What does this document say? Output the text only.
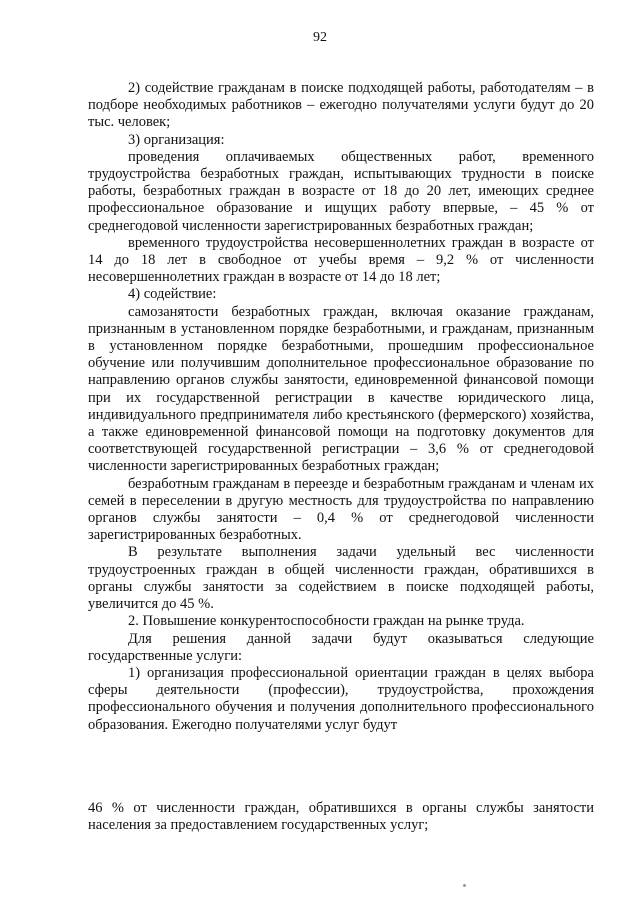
92

2) содействие гражданам в поиске подходящей работы, работодателям – в подборе необходимых работников – ежегодно получателями услуги будут до 20 тыс. человек;

3) организация:

проведения оплачиваемых общественных работ, временного трудоустройства безработных граждан, испытывающих трудности в поиске работы, безработных граждан в возрасте от 18 до 20 лет, имеющих среднее профессиональное образование и ищущих работу впервые, – 45 % от среднегодовой численности зарегистрированных безработных граждан;

временного трудоустройства несовершеннолетних граждан в возрасте от 14 до 18 лет в свободное от учебы время – 9,2 % от численности несовершеннолетних граждан в возрасте от 14 до 18 лет;

4) содействие:

самозанятости безработных граждан, включая оказание гражданам, признанным в установленном порядке безработными, и гражданам, признанным в установленном порядке безработными, прошедшим профессиональное обучение или получившим дополнительное профессиональное образование по направлению органов службы занятости, единовременной финансовой помощи при их государственной регистрации в качестве юридического лица, индивидуального предпринимателя либо крестьянского (фермерского) хозяйства, а также единовременной финансовой помощи на подготовку документов для соответствующей государственной регистрации – 3,6 % от среднегодовой численности зарегистрированных безработных граждан;

безработным гражданам в переезде и безработным гражданам и членам их семей в переселении в другую местность для трудоустройства по направлению органов службы занятости – 0,4 % от среднегодовой численности зарегистрированных безработных.

В результате выполнения задачи удельный вес численности трудоустроенных граждан в общей численности граждан, обратившихся в органы службы занятости за содействием в поиске подходящей работы, увеличится до 45 %.

2. Повышение конкурентоспособности граждан на рынке труда.

Для решения данной задачи будут оказываться следующие государственные услуги:

1) организация профессиональной ориентации граждан в целях выбора сферы деятельности (профессии), трудоустройства, прохождения профессионального обучения и получения дополнительного профессионального образования. Ежегодно получателями услуг будут

46 % от численности граждан, обратившихся в органы службы занятости населения за предоставлением государственных услуг;
